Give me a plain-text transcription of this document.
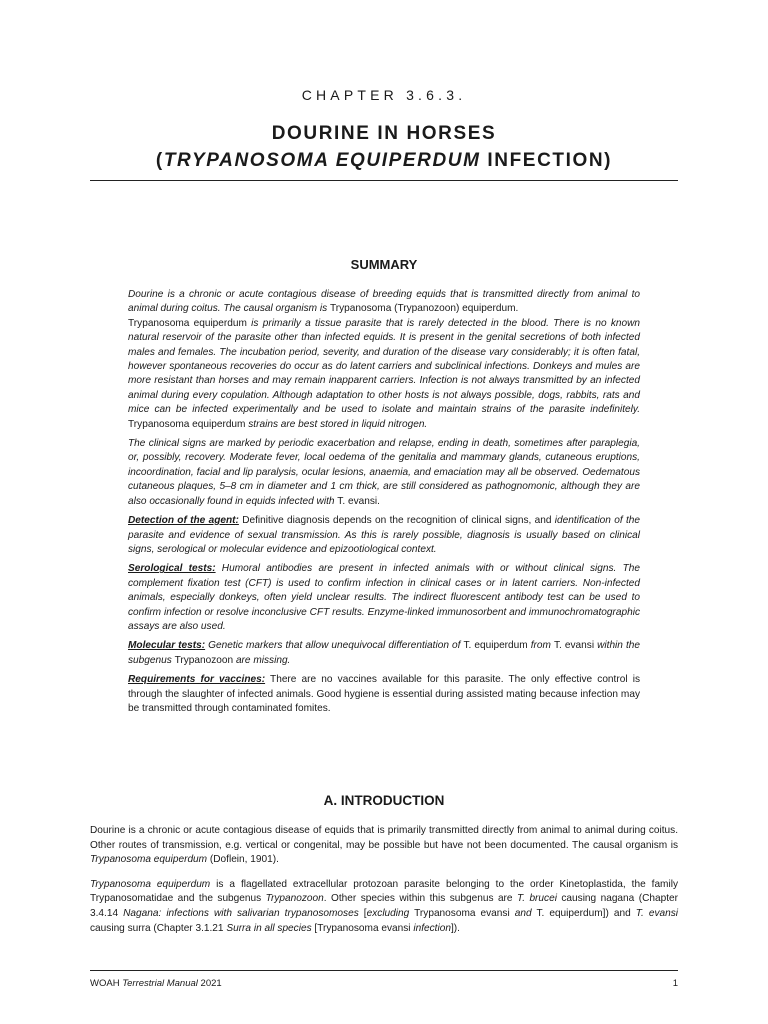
CHAPTER 3.6.3.
DOURINE IN HORSES
(TRYPANOSOMA EQUIPERDUM INFECTION)
SUMMARY

Dourine is a chronic or acute contagious disease of breeding equids that is transmitted directly from animal to animal during coitus. The causal organism is Trypanosoma (Trypanozoon) equiperdum.
Trypanosoma equiperdum is primarily a tissue parasite that is rarely detected in the blood. There is no known natural reservoir of the parasite other than infected equids. It is present in the genital secretions of both infected males and females. The incubation period, severity, and duration of the disease vary considerably; it is often fatal, however spontaneous recoveries do occur as do latent carriers and subclinical infections. Donkeys and mules are more resistant than horses and may remain inapparent carriers. Infection is not always transmitted by an infected animal during every copulation. Although adaptation to other hosts is not always possible, dogs, rabbits, rats and mice can be infected experimentally and be used to isolate and maintain strains of the parasite indefinitely. Trypanosoma equiperdum strains are best stored in liquid nitrogen.

The clinical signs are marked by periodic exacerbation and relapse, ending in death, sometimes after paraplegia, or, possibly, recovery. Moderate fever, local oedema of the genitalia and mammary glands, cutaneous eruptions, incoordination, facial and lip paralysis, ocular lesions, anaemia, and emaciation may all be observed. Oedematous cutaneous plaques, 5–8 cm in diameter and 1 cm thick, are still considered as pathognomonic, although they are also occasionally found in equids infected with T. evansi.

Detection of the agent: Definitive diagnosis depends on the recognition of clinical signs, and identification of the parasite and evidence of sexual transmission. As this is rarely possible, diagnosis is usually based on clinical signs, serological or molecular evidence and epizootiological context.

Serological tests: Humoral antibodies are present in infected animals with or without clinical signs. The complement fixation test (CFT) is used to confirm infection in clinical cases or in latent carriers. Non-infected animals, especially donkeys, often yield unclear results. The indirect fluorescent antibody test can be used to confirm infection or resolve inconclusive CFT results. Enzyme-linked immunosorbent and immunochromatographic assays are also used.

Molecular tests: Genetic markers that allow unequivocal differentiation of T. equiperdum from T. evansi within the subgenus Trypanozoon are missing.

Requirements for vaccines: There are no vaccines available for this parasite. The only effective control is through the slaughter of infected animals. Good hygiene is essential during assisted mating because infection may be transmitted through contaminated fomites.

A. INTRODUCTION

Dourine is a chronic or acute contagious disease of equids that is primarily transmitted directly from animal to animal during coitus. Other routes of transmission, e.g. vertical or congenital, may be possible but have not been documented. The causal organism is Trypanosoma equiperdum (Doflein, 1901).

Trypanosoma equiperdum is a flagellated extracellular protozoan parasite belonging to the order Kinetoplastida, the family Trypanosomatidae and the subgenus Trypanozoon. Other species within this subgenus are T. brucei causing nagana (Chapter 3.4.14 Nagana: infections with salivarian trypanosomoses [excluding Trypanosoma evansi and T. equiperdum]) and T. evansi causing surra (Chapter 3.1.21 Surra in all species [Trypanosoma evansi infection]).

WOAH Terrestrial Manual 2021	1
